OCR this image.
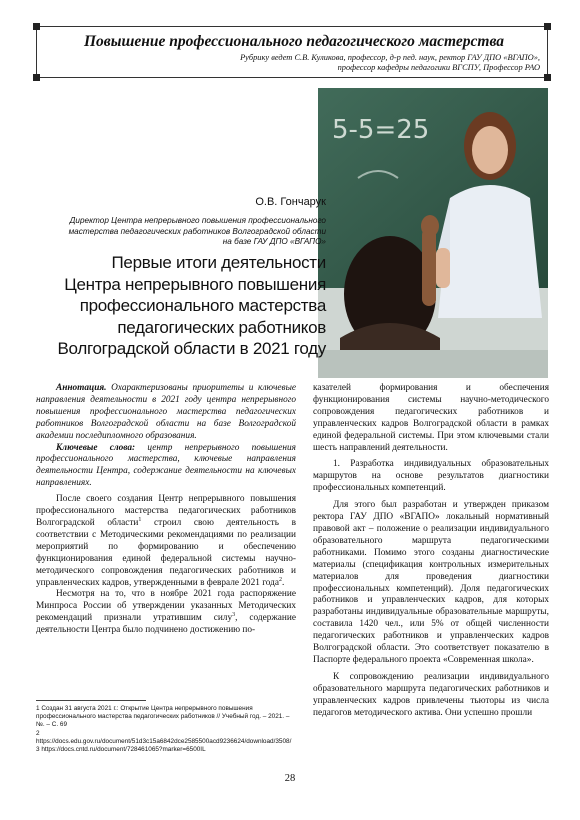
Повышение профессионального педагогического мастерства
Рубрику ведет С.В. Куликова, профессор, д-р пед. наук, ректор ГАУ ДПО «ВГАПО»,
профессор кафедры педагогики ВГСПУ, Профессор РАО
5-5=25
О.В. Гончарук
Директор Центра непрерывного повышения профессионального
мастерства педагогических работников Волгоградской области
на базе ГАУ ДПО «ВГАПО»
Первые итоги деятельности
Центра непрерывного повышения
профессионального мастерства
педагогических работников
Волгоградской области в 2021 году

Аннотация. Охарактеризованы приоритеты и ключевые направления деятельности в 2021 году центра непрерывного повышения профессионального мастерства педагогических работников Волгоградской области на базе Волгоградской академии последипломного образования.

Ключевые слова: центр непрерывного повышения профессионального мастерства, ключевые направления деятельности Центра, содержание деятельности на ключевых направлениях.

После своего создания Центр непрерывного повышения профессионального мастерства педагогических работников Волгоградской области$^1$ строил свою деятельность в соответствии с Методическими рекомендациями по реализации мероприятий по формированию и обеспечению функционирования единой федеральной системы научно-методического сопровождения педагогических работников и управленческих кадров, утвержденными в феврале 2021 года$^2$.

Несмотря на то, что в ноябре 2021 года распоряжение Минпроса России об утверждении указанных Методических рекомендаций признали утратившим силу$^3$, содержание деятельности Центра было подчинено достижению по-

казателей формирования и обеспечения функционирования системы научно-методического сопровождения педагогических работников и управленческих кадров Волгоградской области в рамках единой федеральной системы. При этом ключевыми стали шесть направлений деятельности.

1. Разработка индивидуальных образовательных маршрутов на основе результатов диагностики профессиональных компетенций.

Для этого был разработан и утвержден приказом ректора ГАУ ДПО «ВГАПО» локальный нормативный правовой акт – положение о реализации индивидуального образовательного маршрута педагогическими работниками. Помимо этого созданы диагностические материалы (спецификация контрольных измерительных материалов для проведения диагностики профессиональных компетенций). Доля педагогических работников и управленческих кадров, для которых разработаны индивидуальные образовательные маршруты, составила 1420 чел., или 5% от общей численности педагогических работников и управленческих кадров Волгоградской области. Это соответствует показателю в Паспорте федерального проекта «Современная школа».

К сопровождению реализации индивидуального образовательного маршрута педагогических работников и управленческих кадров привлечены тьюторы из числа педагогов методического актива. Они успешно прошли

1 Создан 31 августа 2021 г.: Открытие Центра непрерывного повышения профессионального мастерства педагогических работников // Учебный год. – 2021. – №. – С. 69

2 https://docs.edu.gov.ru/document/51d3c15a6842dce2585500acd9236624/download/3508/

3 https://docs.cntd.ru/document/728461065?marker=6500IL

28
